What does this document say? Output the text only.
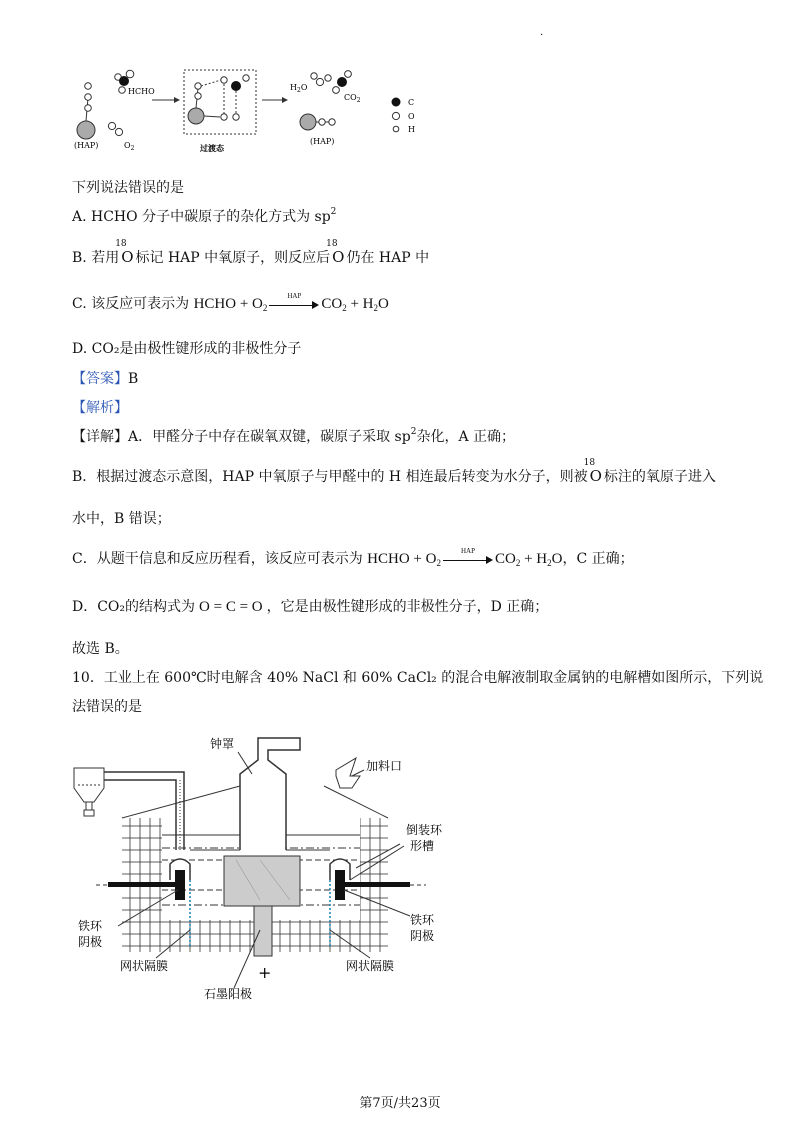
·
(HAP)
HCHO
$O_2$	过渡态
$H_2O$
$CO_2$
(HAP)
C
O
H
下列说法错误的是
A. HCHO 分子中碳原子的杂化方式为 $sp^2$
B. 若用
18
O 标记 HAP 中氧原子，则反应后
18
O 仍在 HAP 中
C. 该反应可表示为 HCHO + $O_2$
HAP
$CO_2 + H_2O$
D. CO₂是由极性键形成的非极性分子
【答案】B
【解析】
【详解】A．甲醛分子中存在碳氧双键，碳原子采取 $sp^2$杂化，A 正确；
B．根据过渡态示意图，HAP 中氧原子与甲醛中的 H 相连最后转变为水分子，则被
18
O 标注的氧原子进入
水中，B 错误；
C．从题干信息和反应历程看，该反应可表示为 HCHO + $O_2$
HAP
$CO_2 + H_2O$，C 正确；
D．CO₂的结构式为 O = C = O ，它是由极性键形成的非极性分子，D 正确；
故选 B。
10．工业上在 600℃时电解含 40% NaCl 和 60% CaCl₂ 的混合电解液制取金属钠的电解槽如图所示，下列说
法错误的是
钟罩
加料口
倒装环
形槽
铁环
阴极
铁环
阴极
网状隔膜	网状隔膜
+
石墨阳极
第7页/共23页
